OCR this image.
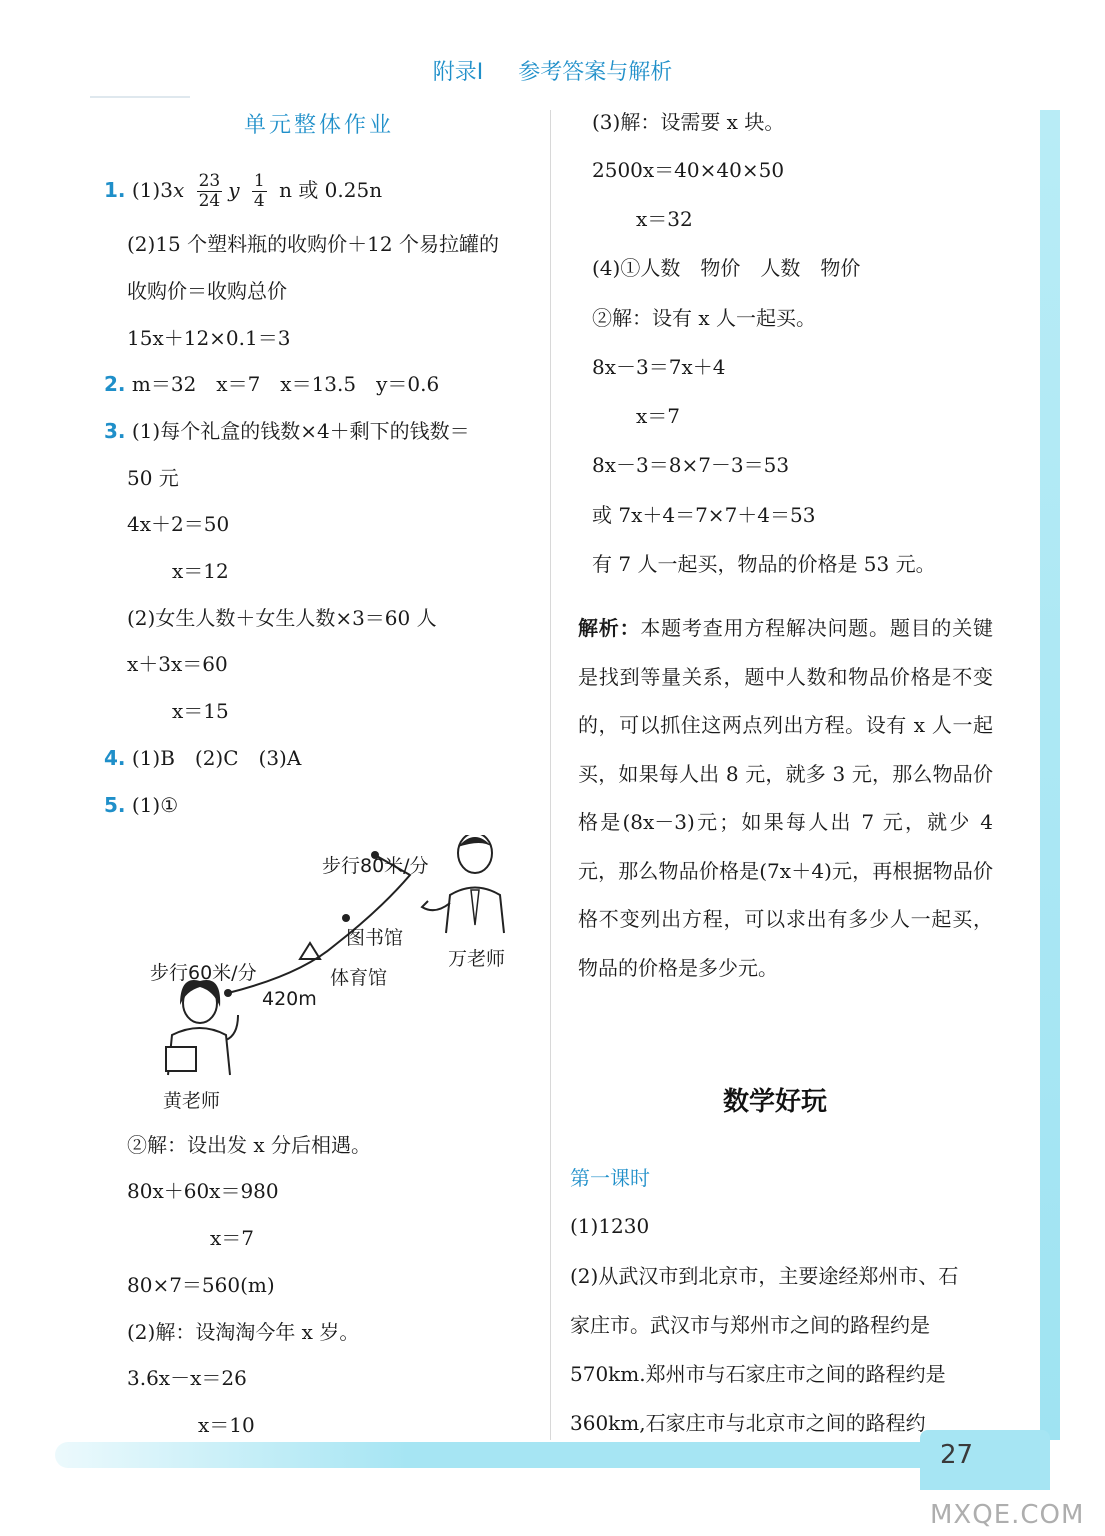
27
MXQE.COM
附录Ⅰ 参考答案与解析
单元整体作业
1. $(1)3x \frac{23}{24}$ y $\frac{1}{4}$ n 或 0.25n
(2)15 个塑料瓶的收购价＋12 个易拉罐的
收购价＝收购总价
15x＋12×0.1＝3
2. m＝32　x＝7　x＝13.5　y＝0.6
3. (1)每个礼盒的钱数×4＋剩下的钱数＝
50 元
4x＋2＝50
x＝12
(2)女生人数＋女生人数×3＝60 人
x＋3x＝60
x＝15
4. (1)B　(2)C　(3)A
5. (1)①
步行80米/分
图书馆
万老师
步行60米/分	体育馆
420m
黄老师
②解：设出发 x 分后相遇。
80x＋60x＝980
x＝7
80×7＝560(m)
(2)解：设淘淘今年 x 岁。
3.6x－x＝26
x＝10
(3)解：设需要 x 块。
2500x＝40×40×50
x＝32
(4)①人数　物价　人数　物价
②解：设有 x 人一起买。
8x－3＝7x＋4
x＝7
8x－3＝8×7－3＝53
或 7x＋4＝7×7＋4＝53
有 7 人一起买，物品的价格是 53 元。
解析：本题考查用方程解决问题。题目的关键是找到等量关系，题中人数和物品价格是不变的，可以抓住这两点列出方程。设有 x 人一起买，如果每人出 8 元，就多 3 元，那么物品价格是(8x－3)元；如果每人出 7 元，就少 4 元，那么物品价格是(7x＋4)元，再根据物品价格不变列出方程，可以求出有多少人一起买，物品的价格是多少元。
数学好玩
第一课时
(1)1230
(2)从武汉市到北京市，主要途经郑州市、石
家庄市。武汉市与郑州市之间的路程约是
570km.郑州市与石家庄市之间的路程约是
360km,石家庄市与北京市之间的路程约
